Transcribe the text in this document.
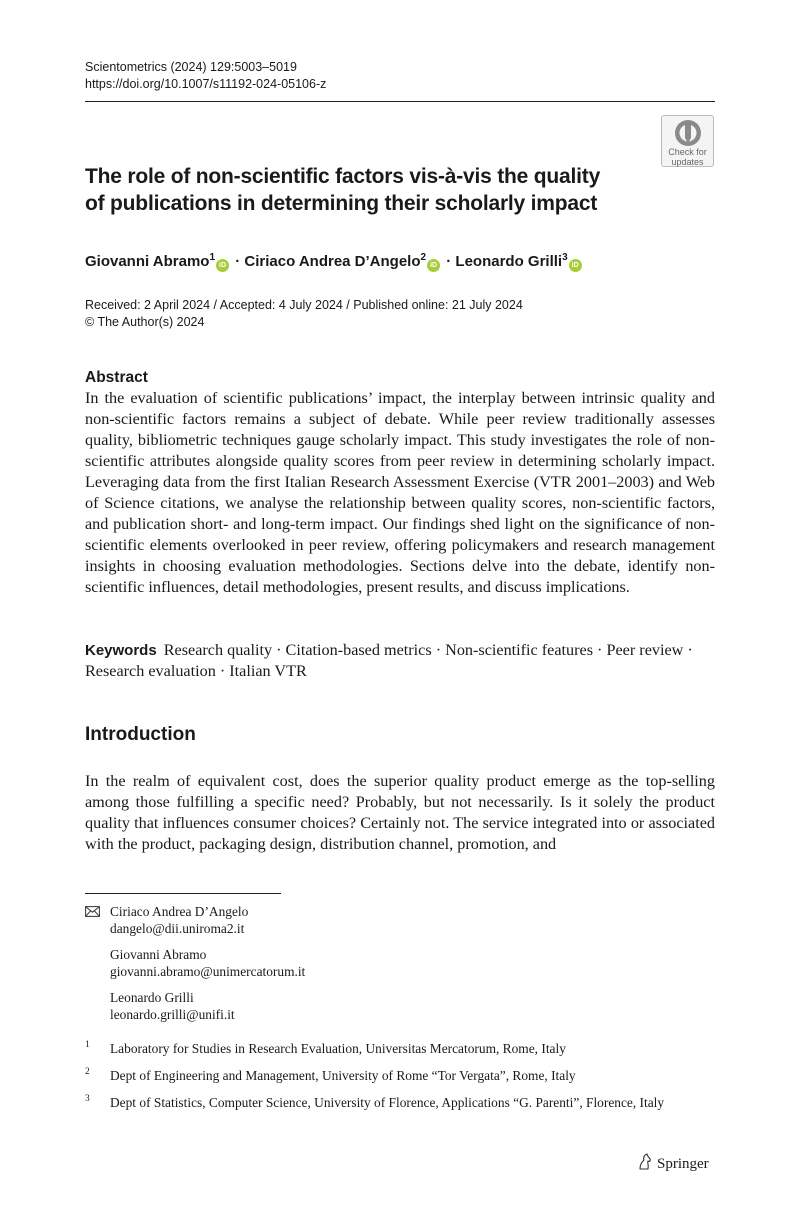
Scientometrics (2024) 129:5003–5019
https://doi.org/10.1007/s11192-024-05106-z
Check for
updates
The role of non-scientific factors vis-à-vis the quality
of publications in determining their scholarly impact
Giovanni Abramo$^1$iD · Ciriaco Andrea D’Angelo$^2$iD · Leonardo Grilli$^3$iD
Received: 2 April 2024 / Accepted: 4 July 2024 / Published online: 21 July 2024
© The Author(s) 2024
Abstract
In the evaluation of scientific publications’ impact, the interplay between intrinsic quality and non-scientific factors remains a subject of debate. While peer review traditionally assesses quality, bibliometric techniques gauge scholarly impact. This study investigates the role of non-scientific attributes alongside quality scores from peer review in determining scholarly impact. Leveraging data from the first Italian Research Assessment Exercise (VTR 2001–2003) and Web of Science citations, we analyse the relationship between quality scores, non-scientific factors, and publication short- and long-term impact. Our findings shed light on the significance of non-scientific elements overlooked in peer review, offering policymakers and research management insights in choosing evaluation methodologies. Sections delve into the debate, identify non-scientific influences, detail methodologies, present results, and discuss implications.
Keywords Research quality · Citation-based metrics · Non-scientific features · Peer review · Research evaluation · Italian VTR
Introduction
In the realm of equivalent cost, does the superior quality product emerge as the top-selling among those fulfilling a specific need? Probably, but not necessarily. Is it solely the product quality that influences consumer choices? Certainly not. The service integrated into or associated with the product, packaging design, distribution channel, promotion, and
Ciriaco Andrea D’Angelo
dangelo@dii.uniroma2.it
Giovanni Abramo
giovanni.abramo@unimercatorum.it
Leonardo Grilli
leonardo.grilli@unifi.it
1 Laboratory for Studies in Research Evaluation, Universitas Mercatorum, Rome, Italy
2 Dept of Engineering and Management, University of Rome “Tor Vergata”, Rome, Italy
3 Dept of Statistics, Computer Science, University of Florence, Applications “G. Parenti”, Florence, Italy
Springer
